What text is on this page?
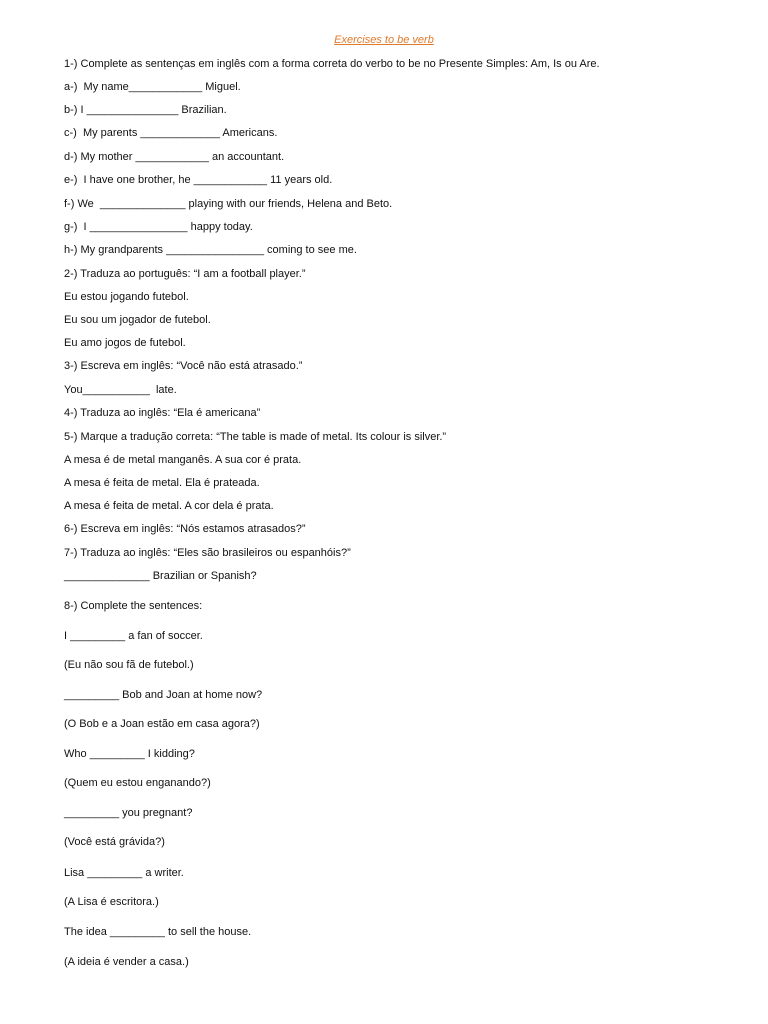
Exercises to be verb
1-) Complete as sentenças em inglês com a forma correta do verbo to be no Presente Simples: Am, Is ou Are.
a-)  My name____________ Miguel.
b-) I _______________ Brazilian.
c-)  My parents _____________ Americans.
d-) My mother ____________ an accountant.
e-)  I have one brother, he ____________ 11 years old.
f-) We  ______________ playing with our friends, Helena and Beto.
g-)  I ________________ happy today.
h-) My grandparents ________________ coming to see me.
2-) Traduza ao português: “I am a football player.”
Eu estou jogando futebol.
Eu sou um jogador de futebol.
Eu amo jogos de futebol.
3-) Escreva em inglês: “Você não está atrasado.”
You___________  late.
4-) Traduza ao inglês: “Ela é americana”
5-) Marque a tradução correta: “The table is made of metal. Its colour is silver.”
A mesa é de metal manganês. A sua cor é prata.
A mesa é feita de metal. Ela é prateada.
A mesa é feita de metal. A cor dela é prata.
6-) Escreva em inglês: “Nós estamos atrasados?”
7-) Traduza ao inglês: “Eles são brasileiros ou espanhóis?”
______________ Brazilian or Spanish?
8-) Complete the sentences:
I _________ a fan of soccer.
(Eu não sou fã de futebol.)
_________ Bob and Joan at home now?
(O Bob e a Joan estão em casa agora?)
Who _________ I kidding?
(Quem eu estou enganando?)
_________ you pregnant?
(Você está grávida?)
Lisa _________ a writer.
(A Lisa é escritora.)
The idea _________ to sell the house.
(A ideia é vender a casa.)
